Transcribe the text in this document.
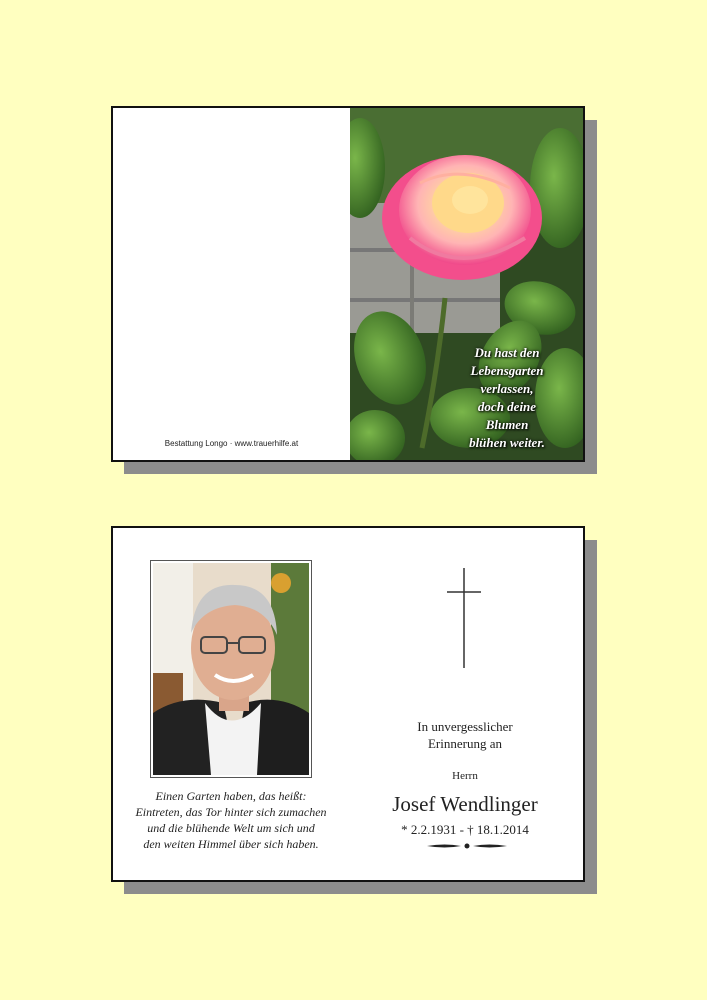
Bestattung Longo · www.trauerhilfe.at
Du hast den
Lebensgarten
verlassen,
doch deine
Blumen
blühen weiter.
Einen Garten haben, das heißt:
Eintreten, das Tor hinter sich zumachen
und die blühende Welt um sich und
den weiten Himmel über sich haben.
In unvergesslicher
Erinnerung an
Herrn
Josef Wendlinger
* 2.2.1931 - † 18.1.2014
